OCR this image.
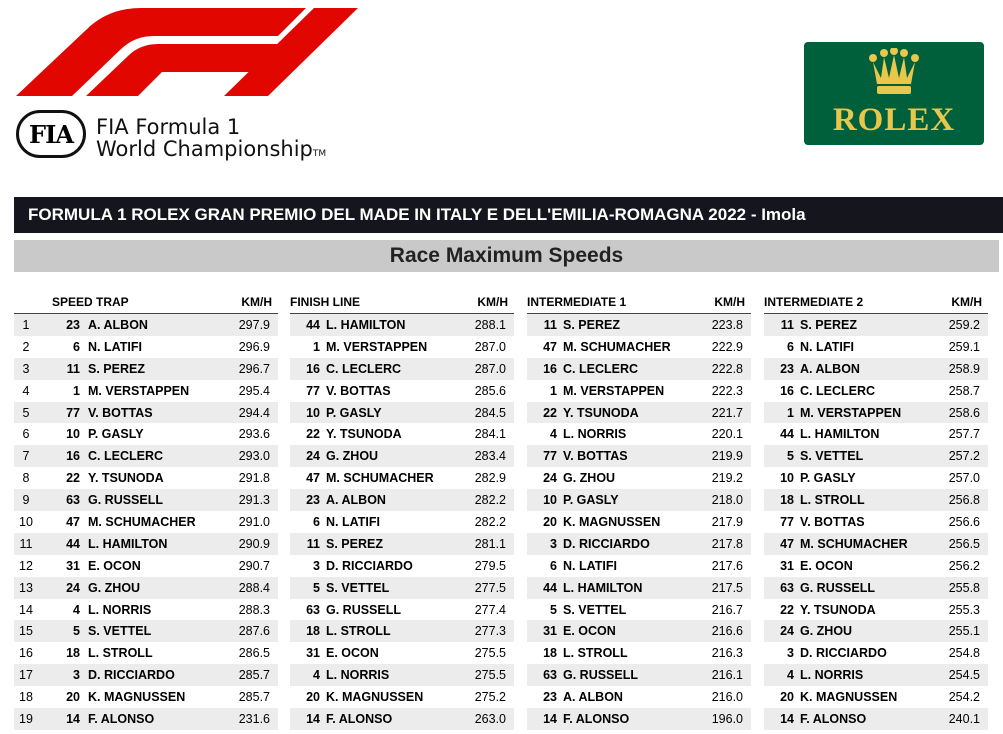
FIA	FIA Formula 1
World ChampionshipTM
ROLEX
FORMULA 1 ROLEX GRAN PREMIO DEL MADE IN ITALY E DELL'EMILIA-ROMAGNA 2022 - Imola
Race Maximum Speeds
SPEED TRAP	KM/H
1	23 A. ALBON	297.9
2	6 N. LATIFI	296.9
3	11 S. PEREZ	296.7
4	1 M. VERSTAPPEN	295.4
5	77 V. BOTTAS	294.4
6	10 P. GASLY	293.6
7	16 C. LECLERC	293.0
8	22 Y. TSUNODA	291.8
9	63 G. RUSSELL	291.3
10	47 M. SCHUMACHER	291.0
11	44 L. HAMILTON	290.9
12	31 E. OCON	290.7
13	24 G. ZHOU	288.4
14	4 L. NORRIS	288.3
15	5 S. VETTEL	287.6
16	18 L. STROLL	286.5
17	3 D. RICCIARDO	285.7
18	20 K. MAGNUSSEN	285.7
19	14 F. ALONSO	231.6
FINISH LINE	KM/H
44 L. HAMILTON	288.1
1 M. VERSTAPPEN	287.0
16 C. LECLERC	287.0
77 V. BOTTAS	285.6
10 P. GASLY	284.5
22 Y. TSUNODA	284.1
24 G. ZHOU	283.4
47 M. SCHUMACHER	282.9
23 A. ALBON	282.2
6 N. LATIFI	282.2
11 S. PEREZ	281.1
3 D. RICCIARDO	279.5
5 S. VETTEL	277.5
63 G. RUSSELL	277.4
18 L. STROLL	277.3
31 E. OCON	275.5
4 L. NORRIS	275.5
20 K. MAGNUSSEN	275.2
14 F. ALONSO	263.0
INTERMEDIATE 1	KM/H
11 S. PEREZ	223.8
47 M. SCHUMACHER	222.9
16 C. LECLERC	222.8
1 M. VERSTAPPEN	222.3
22 Y. TSUNODA	221.7
4 L. NORRIS	220.1
77 V. BOTTAS	219.9
24 G. ZHOU	219.2
10 P. GASLY	218.0
20 K. MAGNUSSEN	217.9
3 D. RICCIARDO	217.8
6 N. LATIFI	217.6
44 L. HAMILTON	217.5
5 S. VETTEL	216.7
31 E. OCON	216.6
18 L. STROLL	216.3
63 G. RUSSELL	216.1
23 A. ALBON	216.0
14 F. ALONSO	196.0
INTERMEDIATE 2	KM/H
11 S. PEREZ	259.2
6 N. LATIFI	259.1
23 A. ALBON	258.9
16 C. LECLERC	258.7
1 M. VERSTAPPEN	258.6
44 L. HAMILTON	257.7
5 S. VETTEL	257.2
10 P. GASLY	257.0
18 L. STROLL	256.8
77 V. BOTTAS	256.6
47 M. SCHUMACHER	256.5
31 E. OCON	256.2
63 G. RUSSELL	255.8
22 Y. TSUNODA	255.3
24 G. ZHOU	255.1
3 D. RICCIARDO	254.8
4 L. NORRIS	254.5
20 K. MAGNUSSEN	254.2
14 F. ALONSO	240.1
